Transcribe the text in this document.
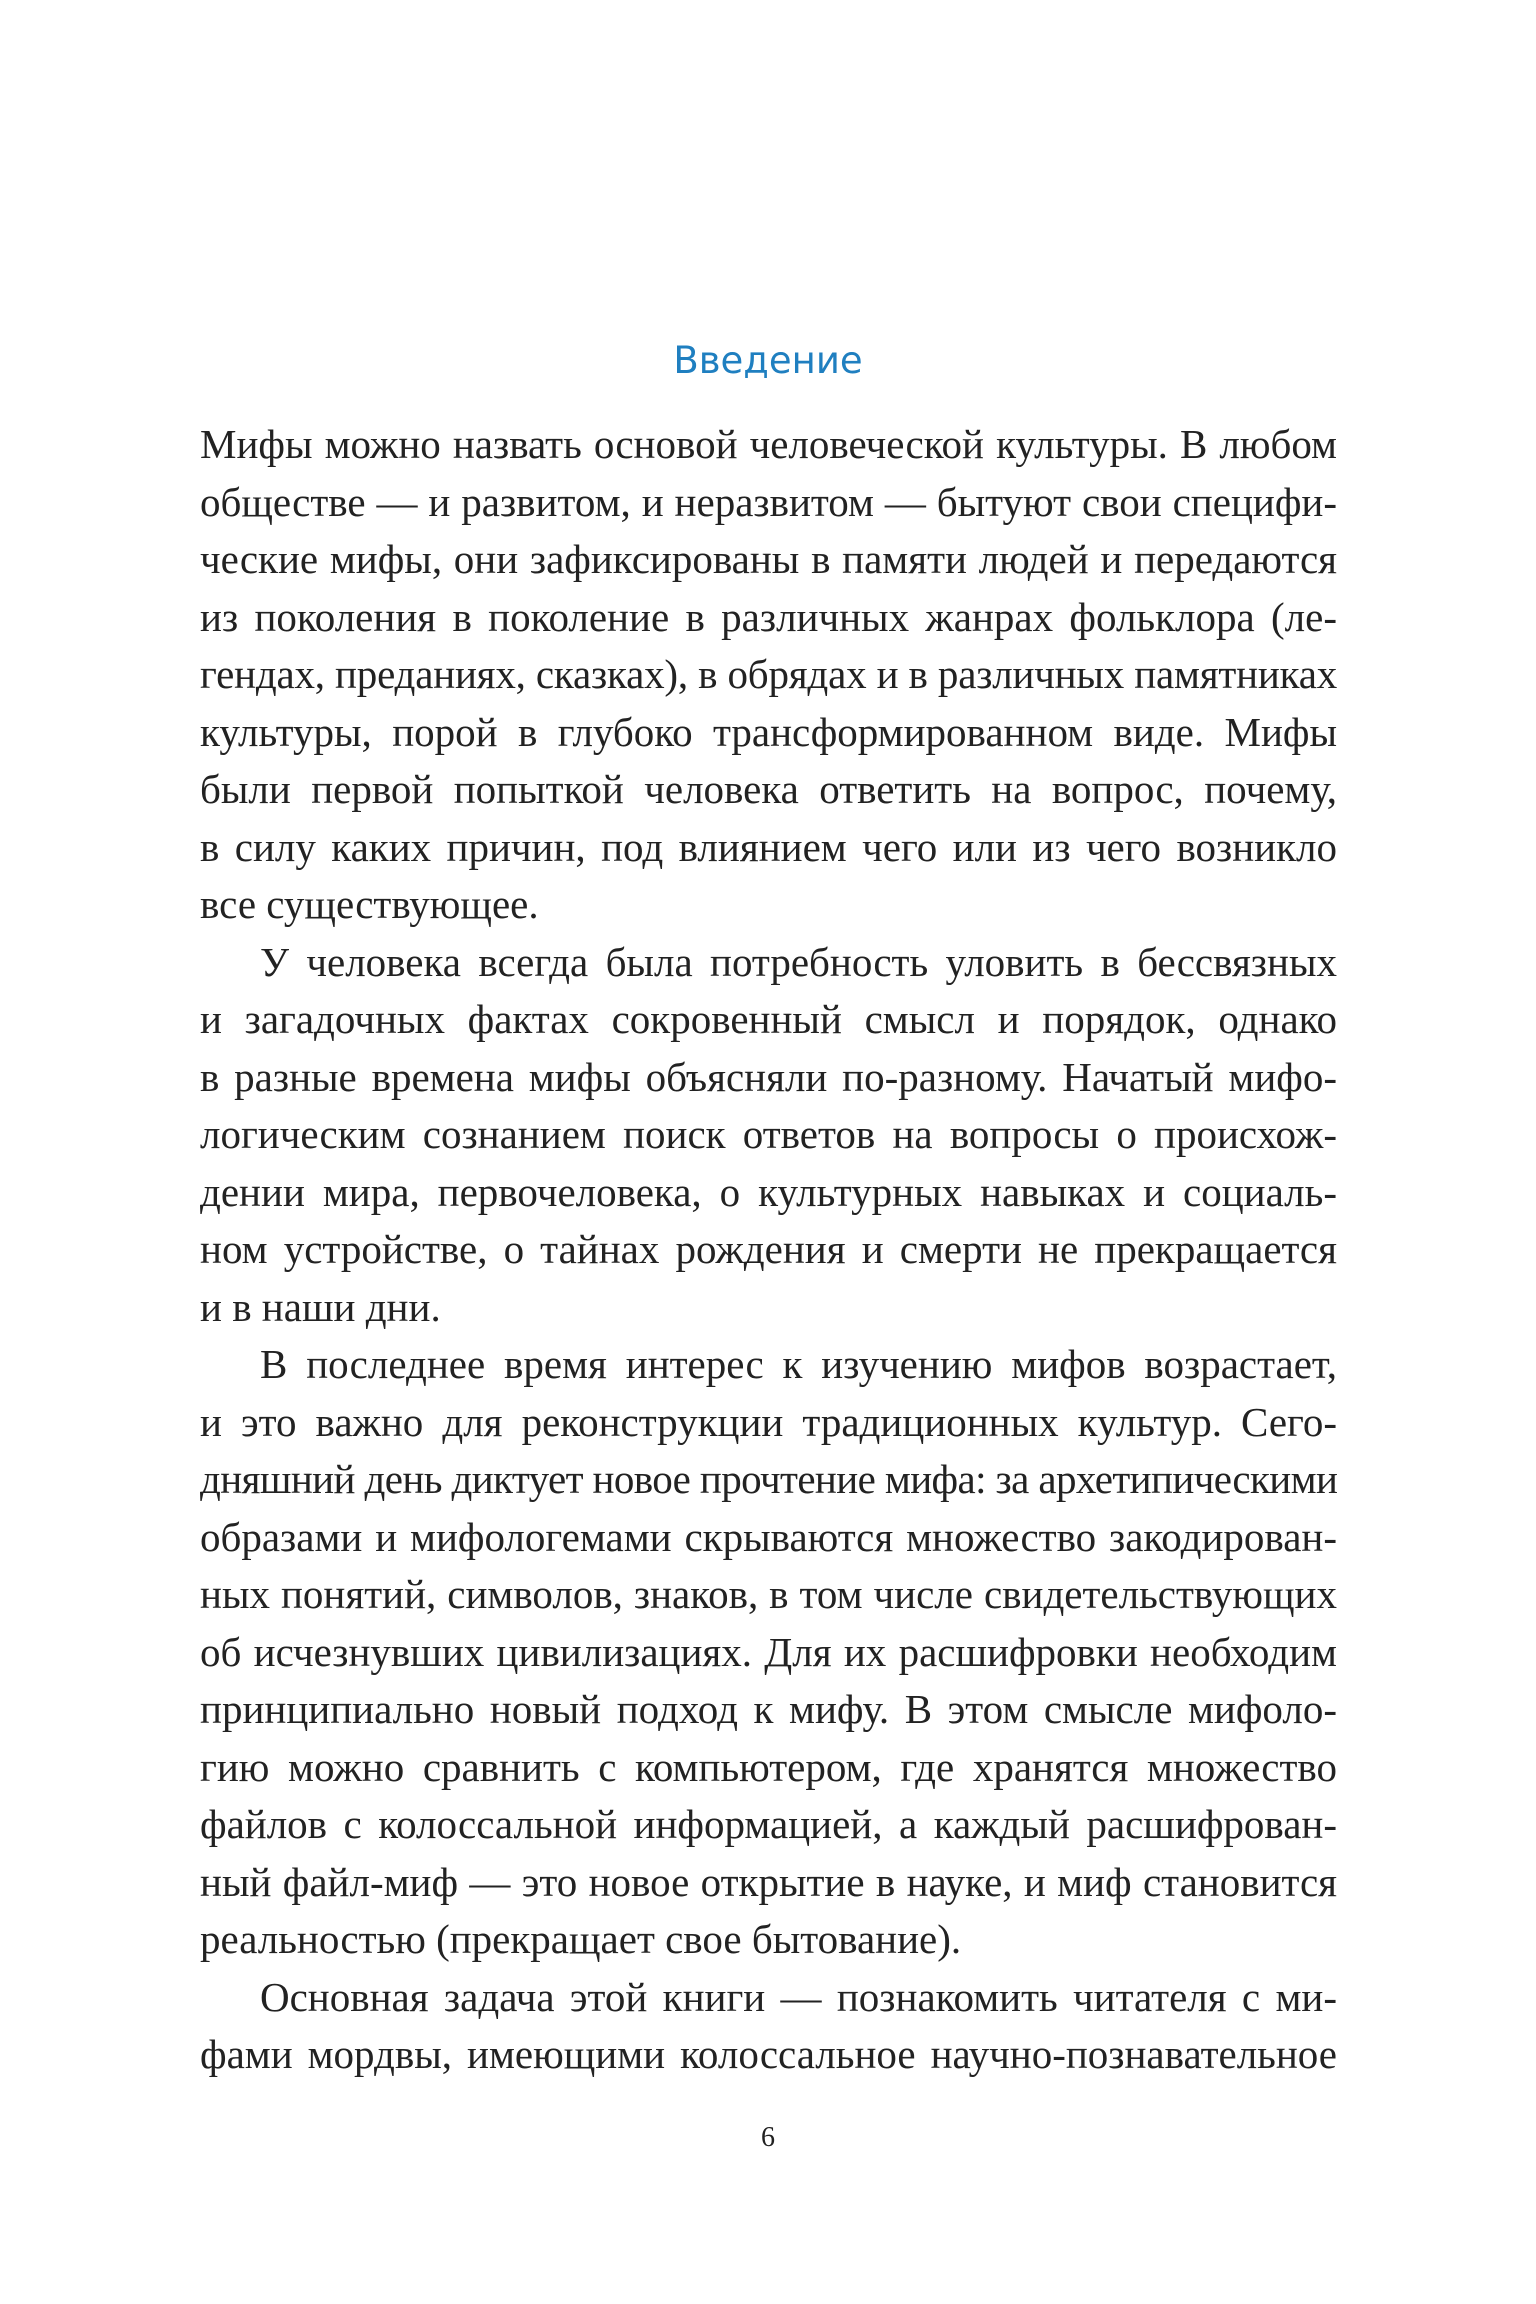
Введение
Мифы можно назвать основой человеческой культуры. В любом
обществе — и развитом, и неразвитом — бытуют свои специфи-
ческие мифы, они зафиксированы в памяти людей и передаются
из поколения в поколение в различных жанрах фольклора (ле-
гендах, преданиях, сказках), в обрядах и в различных памятниках
культуры, порой в глубоко трансформированном виде. Мифы
были первой попыткой человека ответить на вопрос, почему,
в силу каких причин, под влиянием чего или из чего возникло
все существующее.
У человека всегда была потребность уловить в бессвязных
и загадочных фактах сокровенный смысл и порядок, однако
в разные времена мифы объясняли по-разному. Начатый мифо-
логическим сознанием поиск ответов на вопросы о происхож-
дении мира, первочеловека, о культурных навыках и социаль-
ном устройстве, о тайнах рождения и смерти не прекращается
и в наши дни.
В последнее время интерес к изучению мифов возрастает,
и это важно для реконструкции традиционных культур. Сего-
дняшний день диктует новое прочтение мифа: за архетипическими
образами и мифологемами скрываются множество закодирован-
ных понятий, символов, знаков, в том числе свидетельствующих
об исчезнувших цивилизациях. Для их расшифровки необходим
принципиально новый подход к мифу. В этом смысле мифоло-
гию можно сравнить с компьютером, где хранятся множество
файлов с колоссальной информацией, а каждый расшифрован-
ный файл-миф — это новое открытие в науке, и миф становится
реальностью (прекращает свое бытование).
Основная задача этой книги — познакомить читателя с ми-
фами мордвы, имеющими колоссальное научно-познавательное
6
